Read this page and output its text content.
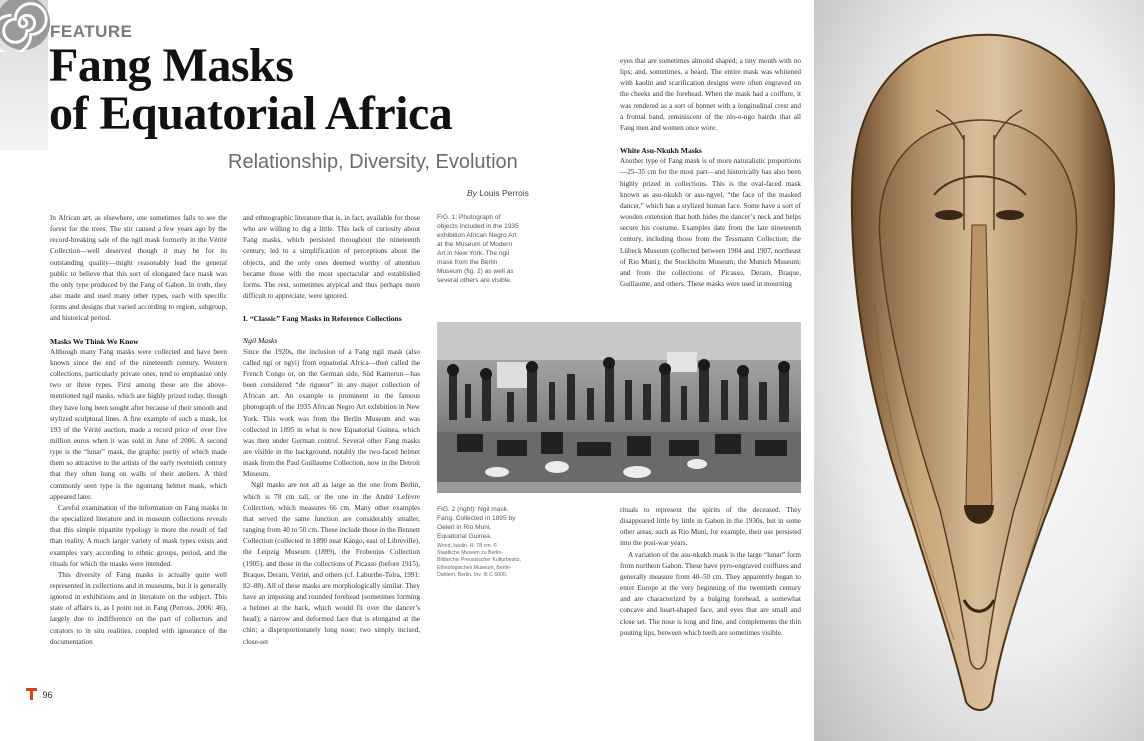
FEATURE
Fang Masks
of Equatorial Africa
Relationship, Diversity, Evolution
By Louis Perrois

In African art, as elsewhere, one sometimes fails to see the forest for the trees. The stir caused a few years ago by the record-breaking sale of the ngil mask formerly in the Vérité Collection—well deserved though it may be for its outstanding quality—might reasonably lead the general public to believe that this sort of elongated face mask was the only type produced by the Fang of Gabon. In truth, they also made and used many other types, each with specific forms and designs that varied according to region, subgroup, and historical period.

Masks We Think We Know

Although many Fang masks were collected and have been known since the end of the nineteenth century, Western collections, particularly private ones, tend to emphasize only two or three types. First among these are the above-mentioned ngil masks, which are highly prized today, though they have long been sought after because of their smooth and stylized sculptural lines. A fine example of such a mask, lot 193 of the Vérité auction, made a record price of over five million euros when it was sold in June of 2006. A second type is the “lunar” mask, the graphic purity of which made them so attractive to the artists of the early twentieth century that they often hung on walls of their ateliers. A third commonly seen type is the ngontang helmet mask, which appeared later.

Careful examination of the information on Fang masks in the specialized literature and in museum collections reveals that this simple tripartite typology is more the result of fad than reality. A much larger variety of mask types exists and examples vary according to ethnic groups, period, and the rituals for which the masks were intended.

This diversity of Fang masks is actually quite well represented in collections and in museums, but it is generally ignored in exhibitions and in literature on the subject. This state of affairs is, as I point out in Fang (Perrois, 2006: 46), largely due to indifference on the part of collectors and curators to in situ realities, coupled with ignorance of the documentation

and ethnographic literature that is, in fact, available for those who are willing to dig a little. This lack of curiosity about Fang masks, which persisted throughout the nineteenth century, led to a simplification of perceptions about the objects, and the only ones deemed worthy of attention became those with the most spectacular and established forms. The rest, sometimes atypical and thus perhaps more difficult to appreciate, were ignored.

I. “Classic” Fang Masks in Reference Collections
Ngil Masks

Since the 1920s, the inclusion of a Fang ngil mask (also called ngi or ngyi) from equatorial Africa—then called the French Congo or, on the German side, Süd Kamerun—has been considered “de rigueur” in any major collection of African art. An example is prominent in the famous photograph of the 1935 African Negro Art exhibition in New York. This work was from the Berlin Museum and was collected in 1895 in what is now Equatorial Guinea, which was then under German control. Several other Fang masks are visible in the background, notably the two-faced helmet mask from the Paul Guillaume Collection, now in the Detroit Museum.

Ngil masks are not all as large as the one from Berlin, which is 78 cm tall, or the one in the André Lefèvre Collection, which measures 66 cm. Many other examples that served the same function are considerably smaller, ranging from 40 to 50 cm. These include those in the Bennett Collection (collected in 1890 near Kango, east of Libreville), the Leipzig Museum (1899), the Frobenius Collection (1905), and those in the collections of Picasso (before 1915), Braque, Derain, Vérité, and others (cf. Laburthe-Tolra, 1991: 82–88). All of these masks are morphologically similar. They have an imposing and rounded forehead (sometimes forming a helmet at the back, which would fit over the dancer’s head); a narrow and deformed face that is elongated at the chin; a disproportionately long nose; two simply incised, close-set

FIG. 1: Photograph of objects included in the 1935 exhibition African Negro Art at the Museum of Modern Art in New York. The ngil mask from the Berlin Museum (fig. 2) as well as several others are visible.
FIG. 2 (right): Ngil mask. Fang. Collected in 1895 by Oelerl in Rio Muni, Equatorial Guinea.
Wood, kaolin. H: 78 cm. © Staatliche Museen zu Berlin-Bildarchiv Preussischer Kulturbesitz, Ethnologisches Museum, Berlin-Dahlem, Berlin. Inv. III C 6000.

eyes that are sometimes almond shaped; a tiny mouth with no lips; and, sometimes, a beard. The entire mask was whitened with kaolin and scarification designs were often engraved on the cheeks and the forehead. When the mask had a coiffure, it was rendered as a sort of bonnet with a longitudinal crest and a frontal band, reminiscent of the nlo-o-ngo hairdo that all Fang men and women once wore.

White Asu-Nkukh Masks

Another type of Fang mask is of more naturalistic proportions—25–35 cm for the most part—and historically has also been highly prized in collections. This is the oval-faced mask known as asu-nkukh or asu-ngyel, “the face of the masked dancer,” which has a stylized human face. Some have a sort of wooden extension that both hides the dancer’s neck and helps secure his costume. Examples date from the late nineteenth century, including those from the Tessmann Collection; the Lübeck Museum (collected between 1904 and 1907, northeast of Rio Muni); the Stockholm Museum; the Munich Museum; and from the collections of Picasso, Derain, Braque, Guillaume, and others. These masks were used in mourning

rituals to represent the spirits of the deceased. They disappeared little by little in Gabon in the 1930s, but in some other areas, such as Rio Muni, for example, their use persisted into the post-war years.

A variation of the asu-nkukh mask is the large “lunar” form from northern Gabon. These have pyro-engraved coiffures and generally measure from 40–50 cm. They apparently began to enter Europe at the very beginning of the twentieth century and are characterized by a bulging forehead, a somewhat concave and heart-shaped face, and eyes that are small and close set. The nose is long and fine, and complements the thin pouting lips, between which teeth are sometimes visible.

96
